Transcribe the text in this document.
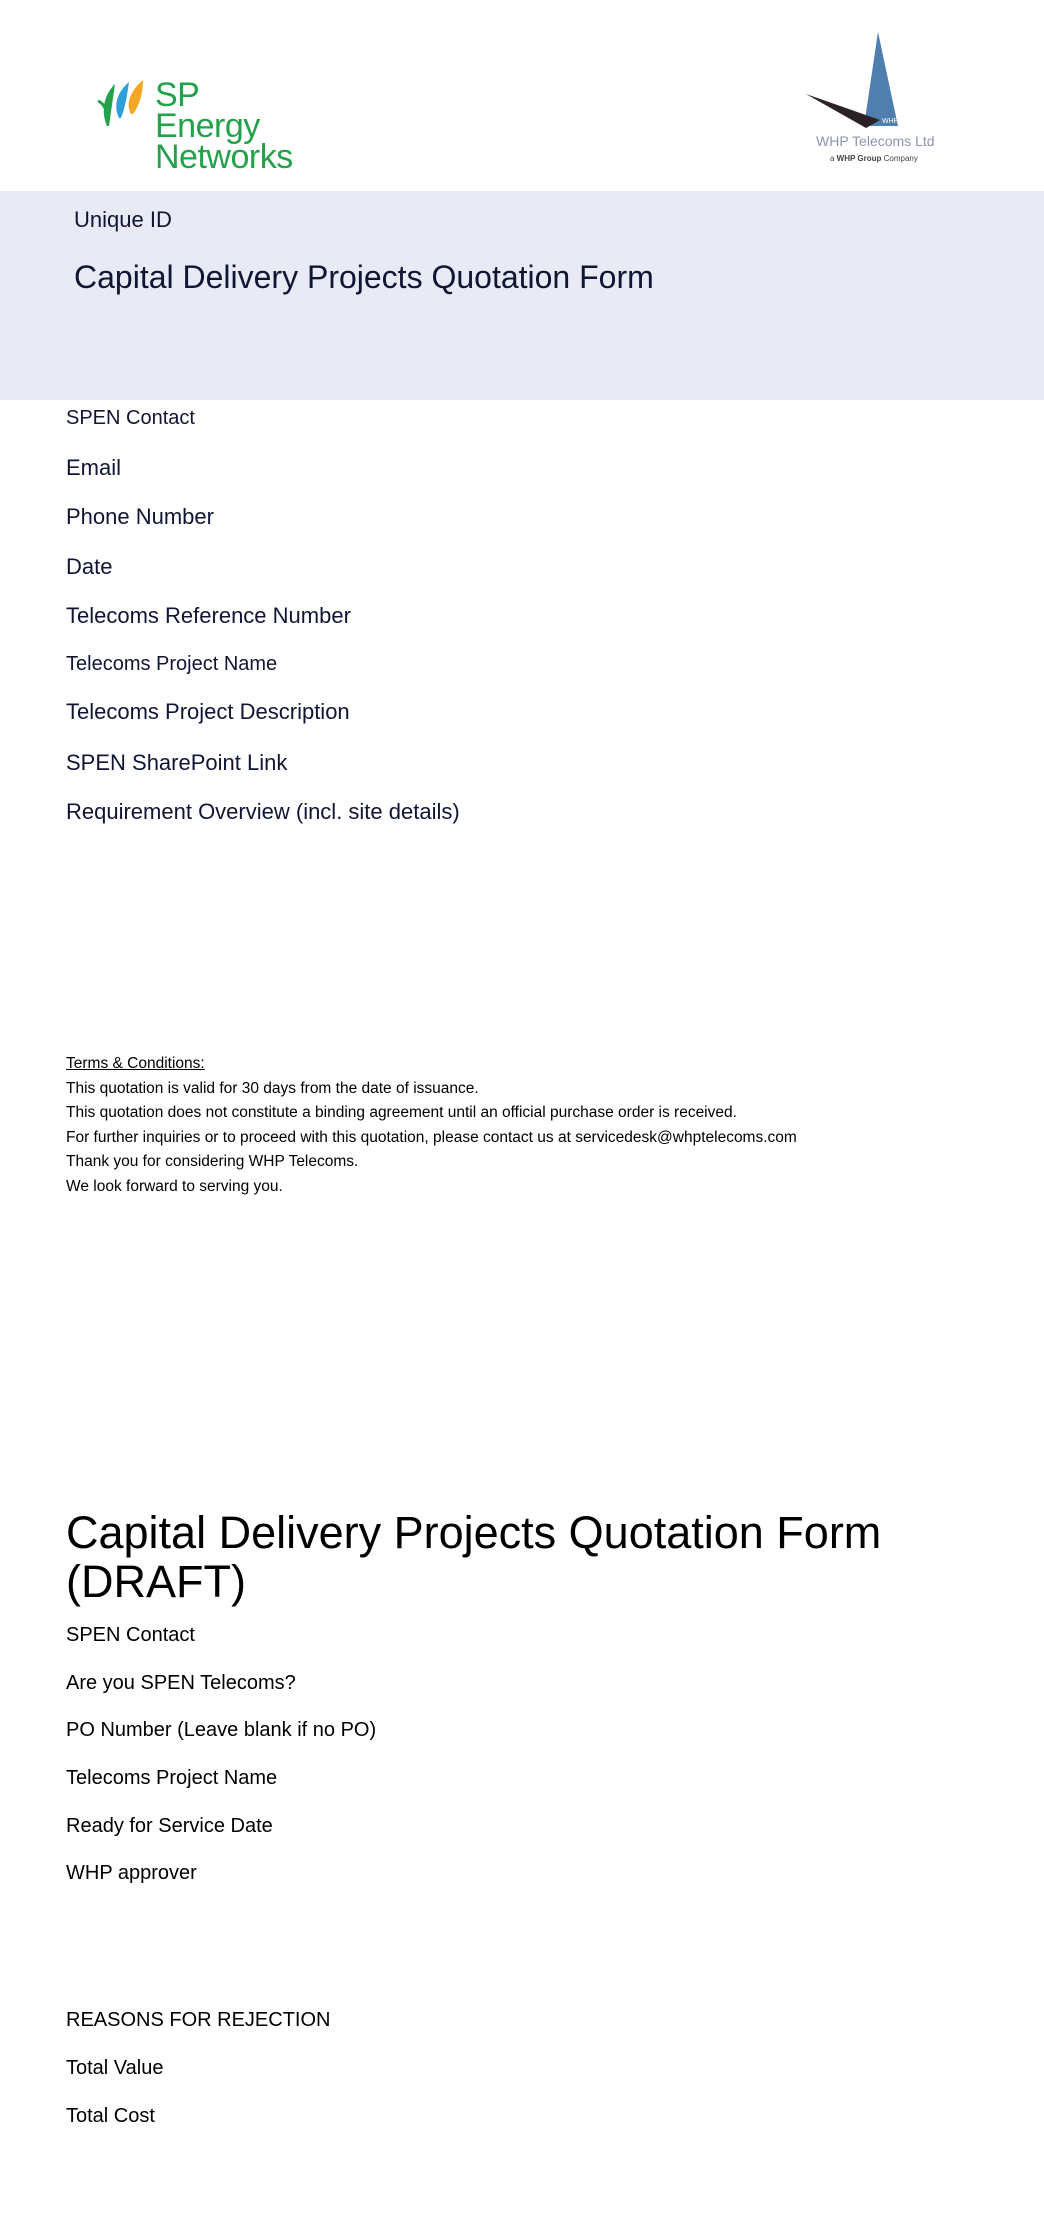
SP Energy
Networks
WHP
WHP Telecoms Ltd
a WHP Group Company
Unique ID
Capital Delivery Projects Quotation Form
SPEN Contact
Email
Phone Number
Date
Telecoms Reference Number
Telecoms Project Name
Telecoms Project Description
SPEN SharePoint Link
Requirement Overview (incl. site details)
Terms & Conditions:
This quotation is valid for 30 days from the date of issuance.
This quotation does not constitute a binding agreement until an official purchase order is received.
For further inquiries or to proceed with this quotation, please contact us at servicedesk@whptelecoms.com
Thank you for considering WHP Telecoms.
We look forward to serving you.
Capital Delivery Projects Quotation Form
(DRAFT)
SPEN Contact
Are you SPEN Telecoms?
PO Number (Leave blank if no PO)
Telecoms Project Name
Ready for Service Date
WHP approver
REASONS FOR REJECTION
Total Value
Total Cost
